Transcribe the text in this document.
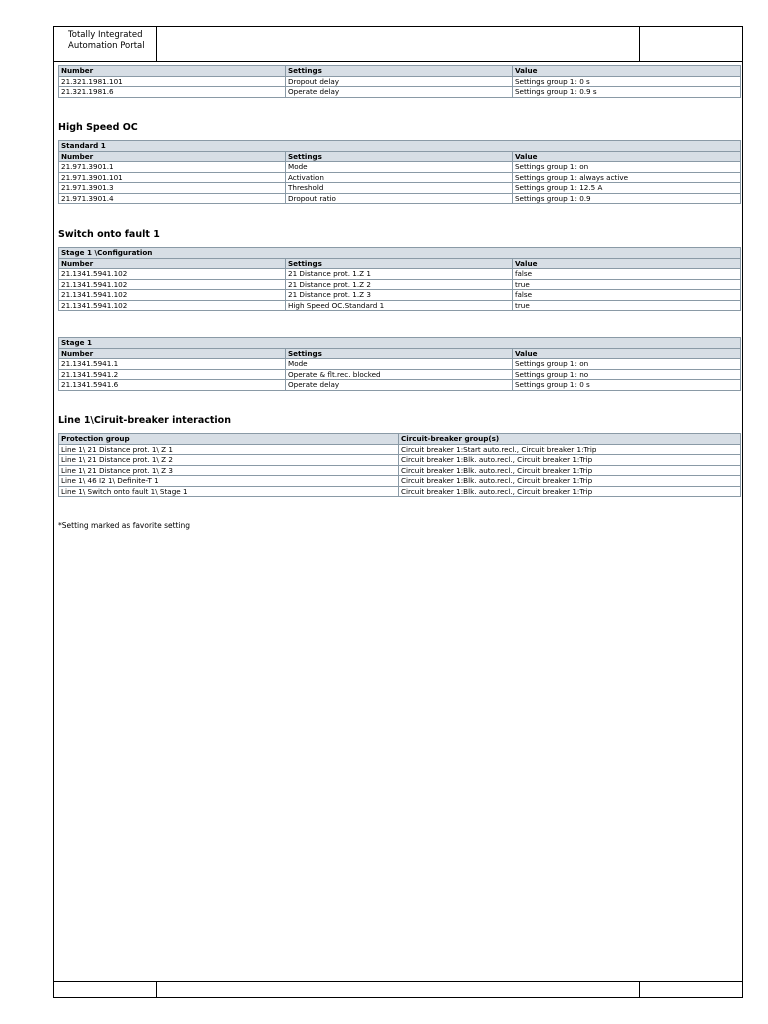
Totally Integrated
Automation Portal
Number	Settings	Value
21.321.1981.101	Dropout delay	Settings group 1: 0 s
21.321.1981.6	Operate delay	Settings group 1: 0.9 s
High Speed OC
Standard 1		
Number	Settings	Value
21.971.3901.1	Mode	Settings group 1: on
21.971.3901.101	Activation	Settings group 1: always active
21.971.3901.3	Threshold	Settings group 1: 12.5 A
21.971.3901.4	Dropout ratio	Settings group 1: 0.9
Switch onto fault 1
Stage 1 \Configuration		
Number	Settings	Value
21.1341.5941.102	21 Distance prot. 1.Z 1	false
21.1341.5941.102	21 Distance prot. 1.Z 2	true
21.1341.5941.102	21 Distance prot. 1.Z 3	false
21.1341.5941.102	High Speed OC.Standard 1	true
Stage 1		
Number	Settings	Value
21.1341.5941.1	Mode	Settings group 1: on
21.1341.5941.2	Operate & flt.rec. blocked	Settings group 1: no
21.1341.5941.6	Operate delay	Settings group 1: 0 s
Line 1\Ciruit-breaker interaction
Protection group	Circuit-breaker group(s)
Line 1\ 21 Distance prot. 1\ Z 1	Circuit breaker 1:Start auto.recl., Circuit breaker 1:Trip
Line 1\ 21 Distance prot. 1\ Z 2	Circuit breaker 1:Blk. auto.recl., Circuit breaker 1:Trip
Line 1\ 21 Distance prot. 1\ Z 3	Circuit breaker 1:Blk. auto.recl., Circuit breaker 1:Trip
Line 1\ 46 I2 1\ Definite-T 1	Circuit breaker 1:Blk. auto.recl., Circuit breaker 1:Trip
Line 1\ Switch onto fault 1\ Stage 1	Circuit breaker 1:Blk. auto.recl., Circuit breaker 1:Trip
*Setting marked as favorite setting
